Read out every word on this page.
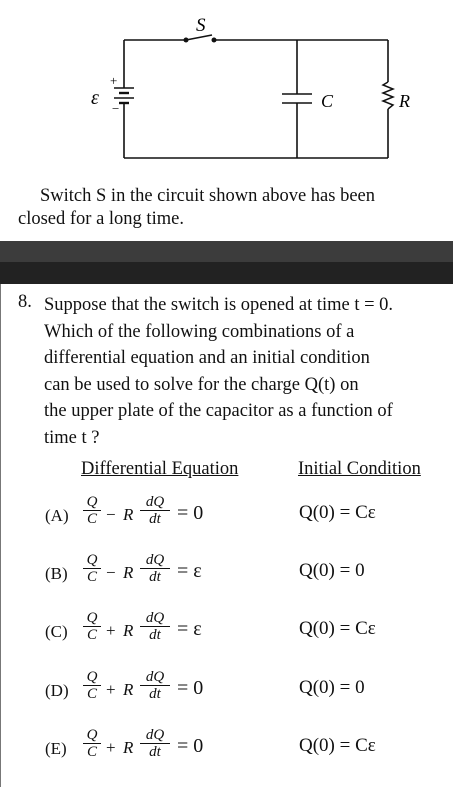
S
+
−
ε	C	R
Switch S in the circuit shown above has been
closed for a long time.
8. Suppose that the switch is opened at time t = 0.
Which of the following combinations of a
differential equation and an initial condition
can be used to solve for the charge Q(t) on
the upper plate of the capacitor as a function of
time t ?
Differential Equation	Initial Condition
$(A) \frac{Q}{C} - R \frac{dQ}{dt} = 0$	Q(0) = Cε
$(B) \frac{Q}{C} - R \frac{dQ}{dt} = \varepsilon$	Q(0) = 0
$(C) \frac{Q}{C} + R \frac{dQ}{dt} = \varepsilon$	Q(0) = Cε
$(D) \frac{Q}{C} + R \frac{dQ}{dt} = 0$	Q(0) = 0
$(E) \frac{Q}{C} + R \frac{dQ}{dt} = 0$	Q(0) = Cε
